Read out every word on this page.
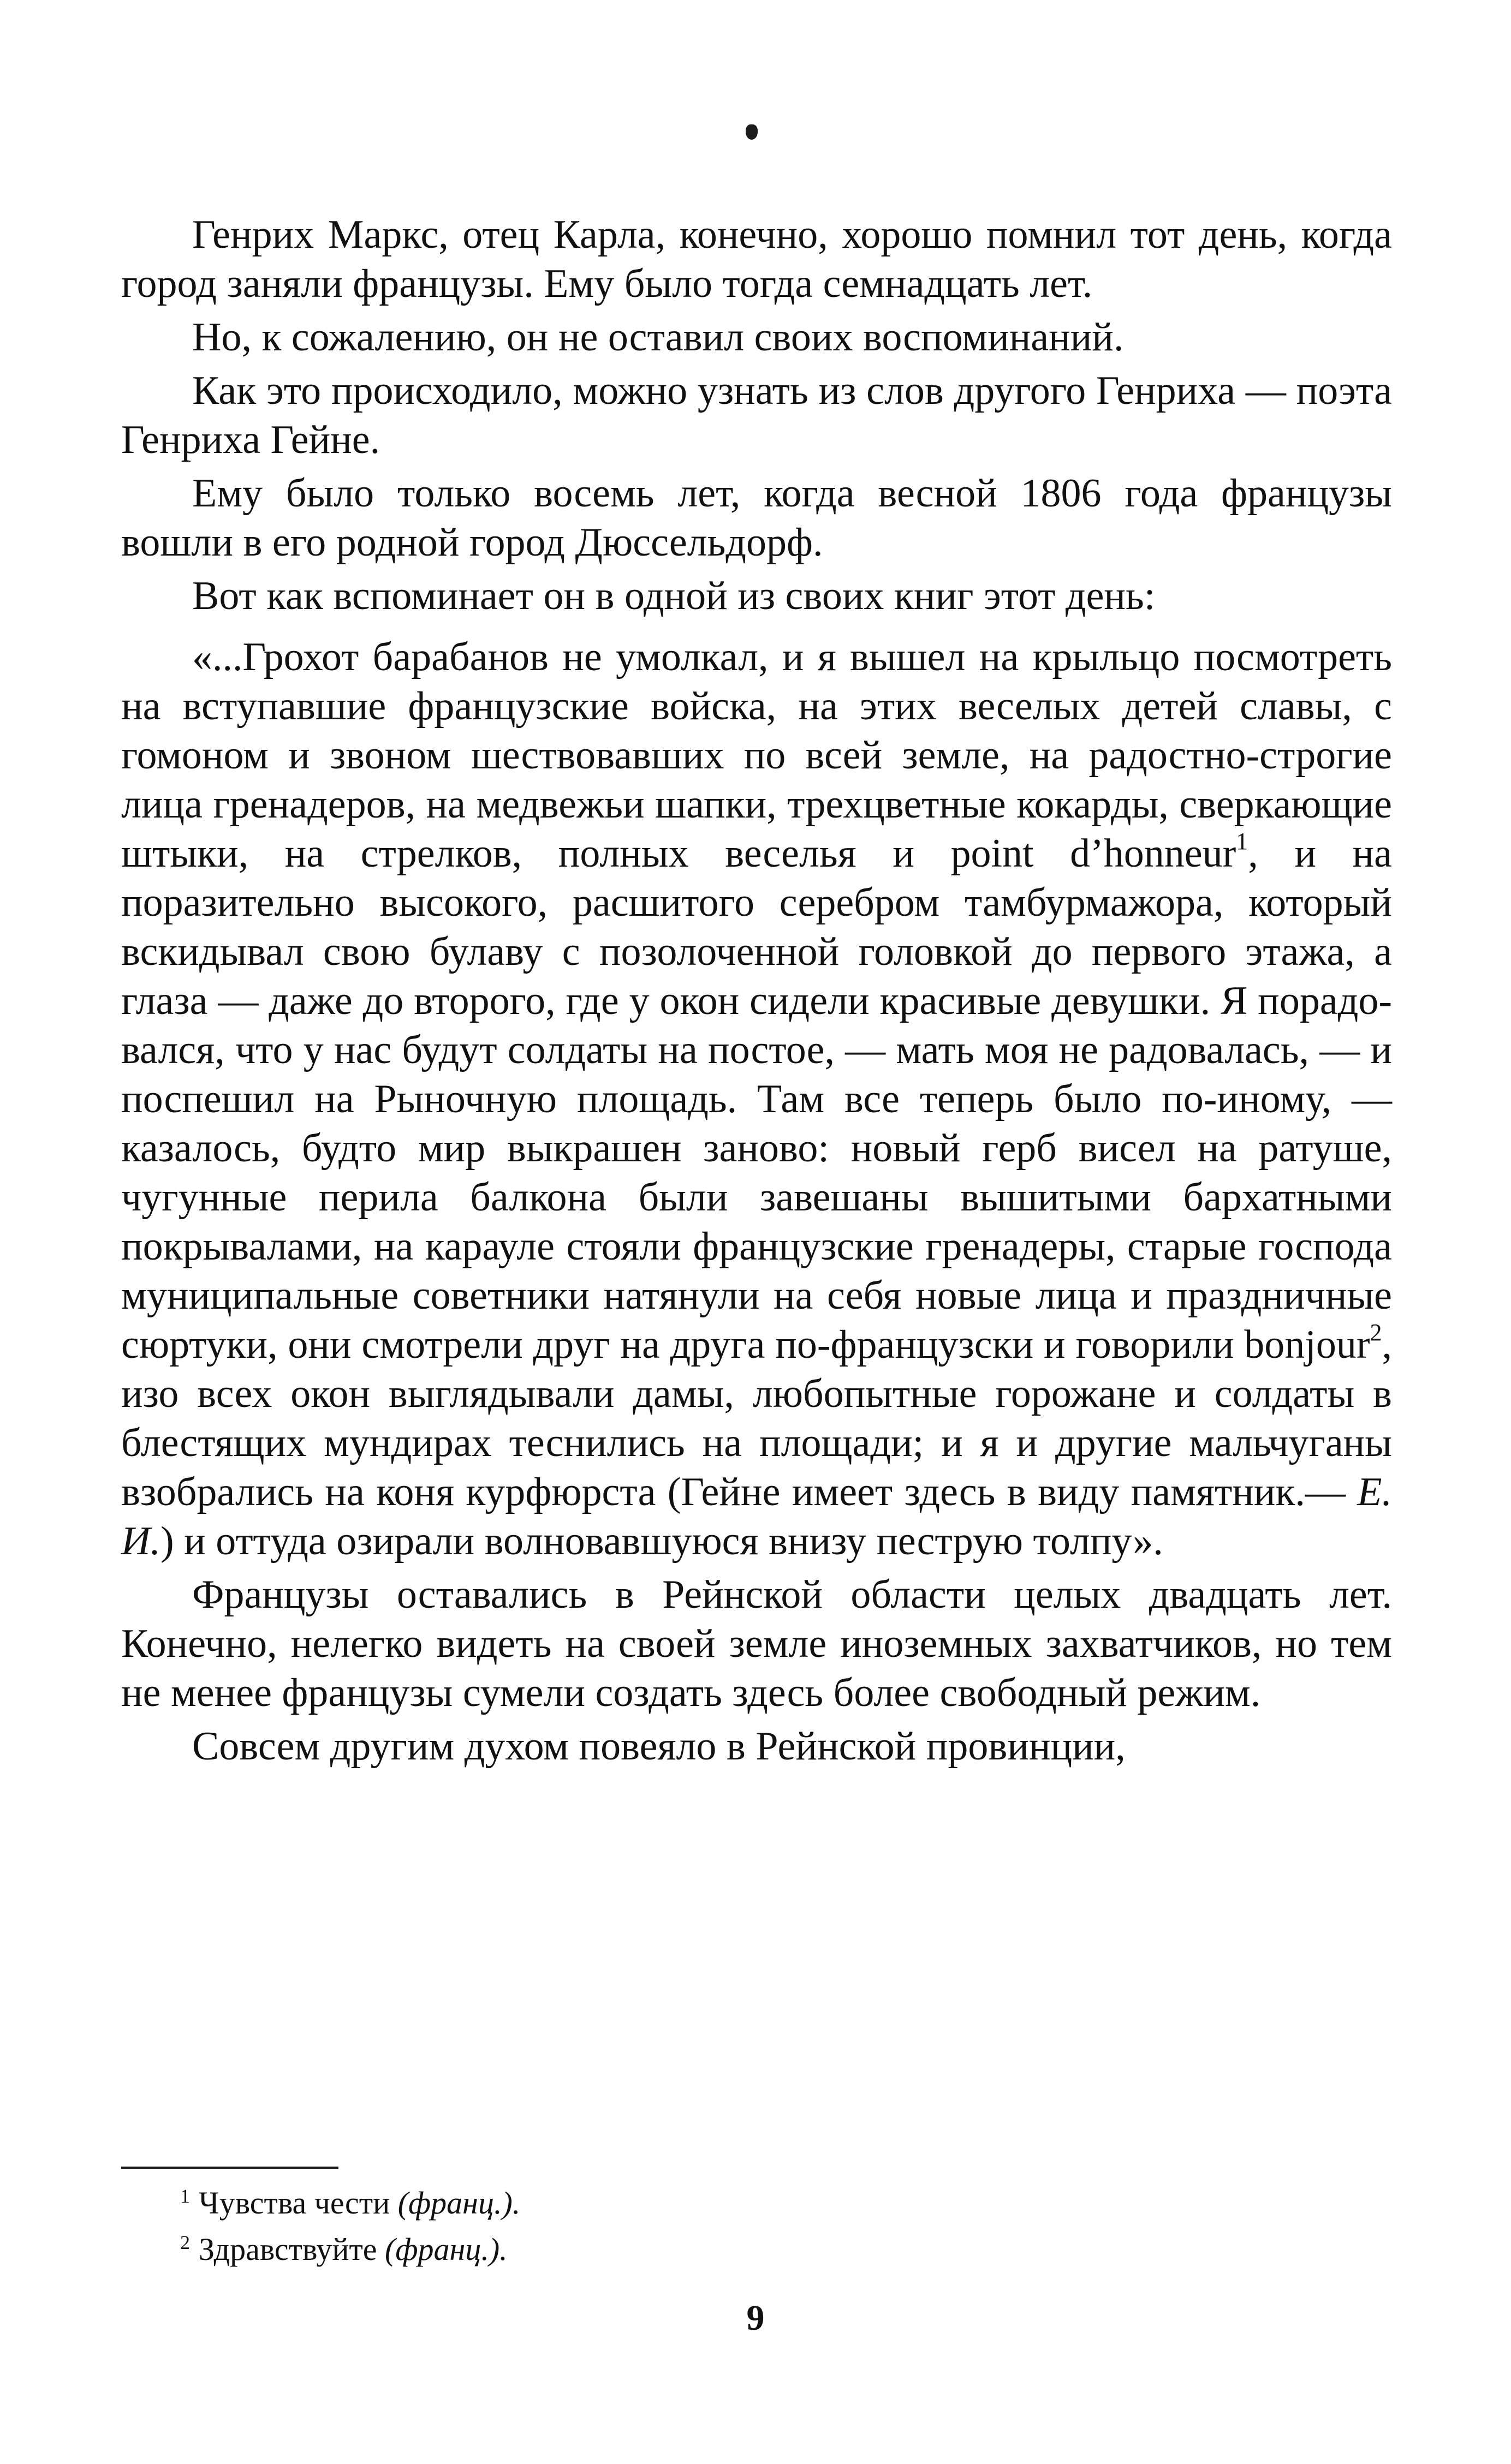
Генрих Маркс, отец Карла, конечно, хорошо помнил тот день, когда город заняли французы. Ему было тогда семнадцать лет.

Но, к сожалению, он не оставил своих воспоминаний.

Как это происходило, можно узнать из слов другого Генриха — поэта Генриха Гейне.

Ему было только восемь лет, когда весной 1806 года французы вошли в его родной город Дюссельдорф.

Вот как вспоминает он в одной из своих книг этот день:

«...Грохот барабанов не умолкал, и я вышел на крыльцо посмотреть на вступавшие французские войска, на этих веселых детей славы, с гомоном и звоном шествовавших по всей земле, на радостно-строгие лица гренадеров, на медвежьи шапки, трехцветные кокарды, сверкающие штыки, на стрелков, полных веселья и point d’honneur$^1$, и на поразительно высокого, расшитого серебром тамбурмажора, который вскидывал свою булаву с позолоченной головкой до первого этажа, а глаза — даже до второго, где у окон сидели красивые девушки. Я порадовался, что у нас будут солдаты на постое, — мать моя не радовалась, — и поспешил на Рыночную площадь. Там все теперь было по-иному, — казалось, будто мир выкрашен заново: новый герб висел на ратуше, чугунные перила балкона были завешаны вышитыми бархатными покрывалами, на карауле стояли французские гренадеры, старые господа муниципальные советники натянули на себя новые лица и праздничные сюртуки, они смотрели друг на друга по-французски и говорили bonjour$^2$, изо всех окон выглядывали дамы, любопытные горожане и солдаты в блестящих мундирах теснились на площади; и я и другие мальчуганы взобрались на коня курфюрста (Гейне имеет здесь в виду памятник.— Е. И.) и оттуда озирали волновавшуюся внизу пеструю толпу».

Французы оставались в Рейнской области целых двадцать лет. Конечно, нелегко видеть на своей земле иноземных захватчиков, но тем не менее французы сумели создать здесь более свободный режим.

Совсем другим духом повеяло в Рейнской провинции,

$^1$ Чувства чести (франц.).

$^2$ Здравствуйте (франц.).

9
